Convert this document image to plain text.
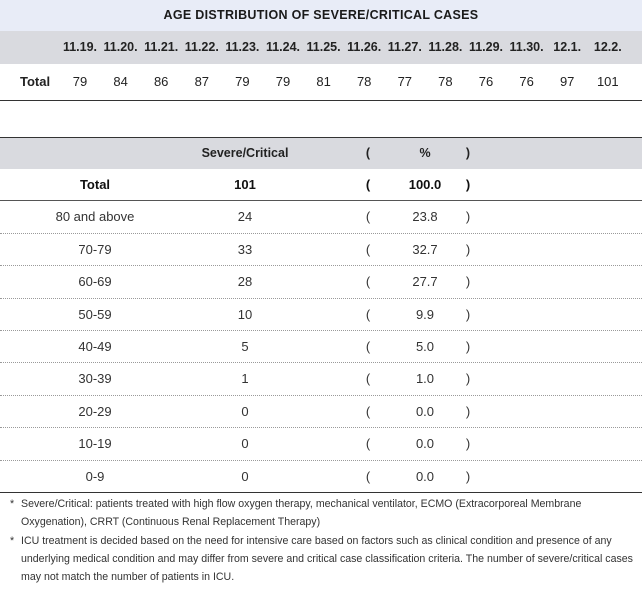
AGE DISTRIBUTION OF SEVERE/CRITICAL CASES
11.19. 11.20. 11.21. 11.22. 11.23. 11.24. 11.25. 11.26. 11.27. 11.28. 11.29. 11.30. 12.1.	12.2.
Total	79	84	86	87	79	79	81	78	77	78	76	76	97	101
Severe/Critical	(	%	)
Total	101	(	100.0	)
80 and above	24	(	23.8	)
70-79	33	(	32.7	)
60-69	28	(	27.7	)
50-59	10	(	9.9	)
40-49	5	(	5.0	)
30-39	1	(	1.0	)
20-29	0	(	0.0	)
10-19	0	(	0.0	)
0-9	0	(	0.0	)
* Severe/Critical: patients treated with high flow oxygen therapy, mechanical ventilator, ECMO (Extracorporeal Membrane Oxygenation), CRRT (Continuous Renal Replacement Therapy)
* ICU treatment is decided based on the need for intensive care based on factors such as clinical condition and presence of any underlying medical condition and may differ from severe and critical case classification criteria. The number of severe/critical cases may not match the number of patients in ICU.
